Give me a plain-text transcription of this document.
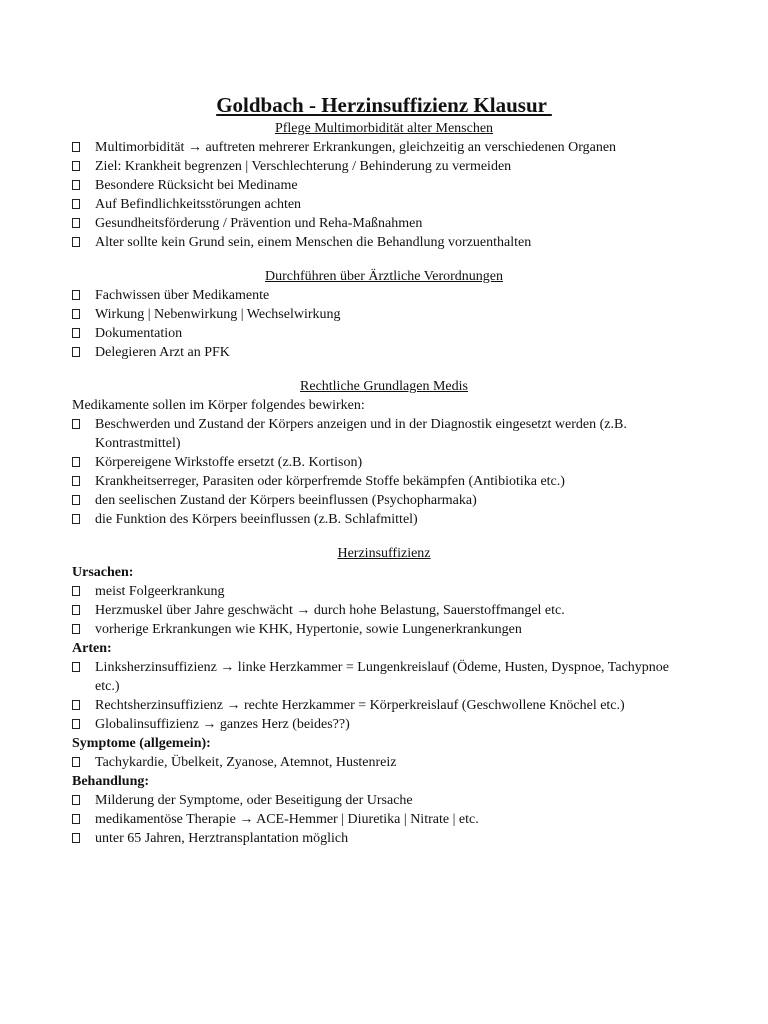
Goldbach - Herzinsuffizienz Klausur
Pflege Multimorbidität alter Menschen
Multimorbidität → auftreten mehrerer Erkrankungen, gleichzeitig an verschiedenen Organen
Ziel: Krankheit begrenzen | Verschlechterung / Behinderung zu vermeiden
Besondere Rücksicht bei Mediname
Auf Befindlichkeitsstörungen achten
Gesundheitsförderung / Prävention und Reha-Maßnahmen
Alter sollte kein Grund sein, einem Menschen die Behandlung vorzuenthalten
Durchführen über Ärztliche Verordnungen
Fachwissen über Medikamente
Wirkung | Nebenwirkung | Wechselwirkung
Dokumentation
Delegieren Arzt an PFK
Rechtliche Grundlagen Medis
Medikamente sollen im Körper folgendes bewirken:
Beschwerden und Zustand der Körpers anzeigen und in der Diagnostik eingesetzt werden (z.B. Kontrastmittel)
Körpereigene Wirkstoffe ersetzt (z.B. Kortison)
Krankheitserreger, Parasiten oder körperfremde Stoffe bekämpfen (Antibiotika etc.)
den seelischen Zustand der Körpers beeinflussen (Psychopharmaka)
die Funktion des Körpers beeinflussen (z.B. Schlafmittel)
Herzinsuffizienz
Ursachen:
meist Folgeerkrankung
Herzmuskel über Jahre geschwächt → durch hohe Belastung, Sauerstoffmangel etc.
vorherige Erkrankungen wie KHK, Hypertonie, sowie Lungenerkrankungen
Arten:
Linksherzinsuffizienz → linke Herzkammer = Lungenkreislauf (Ödeme, Husten, Dyspnoe, Tachypnoe etc.)
Rechtsherzinsuffizienz → rechte Herzkammer = Körperkreislauf (Geschwollene Knöchel etc.)
Globalinsuffizienz → ganzes Herz (beides??)
Symptome (allgemein):
Tachykardie, Übelkeit, Zyanose, Atemnot, Hustenreiz
Behandlung:
Milderung der Symptome, oder Beseitigung der Ursache
medikamentöse Therapie → ACE-Hemmer | Diuretika | Nitrate | etc.
unter 65 Jahren, Herztransplantation möglich
